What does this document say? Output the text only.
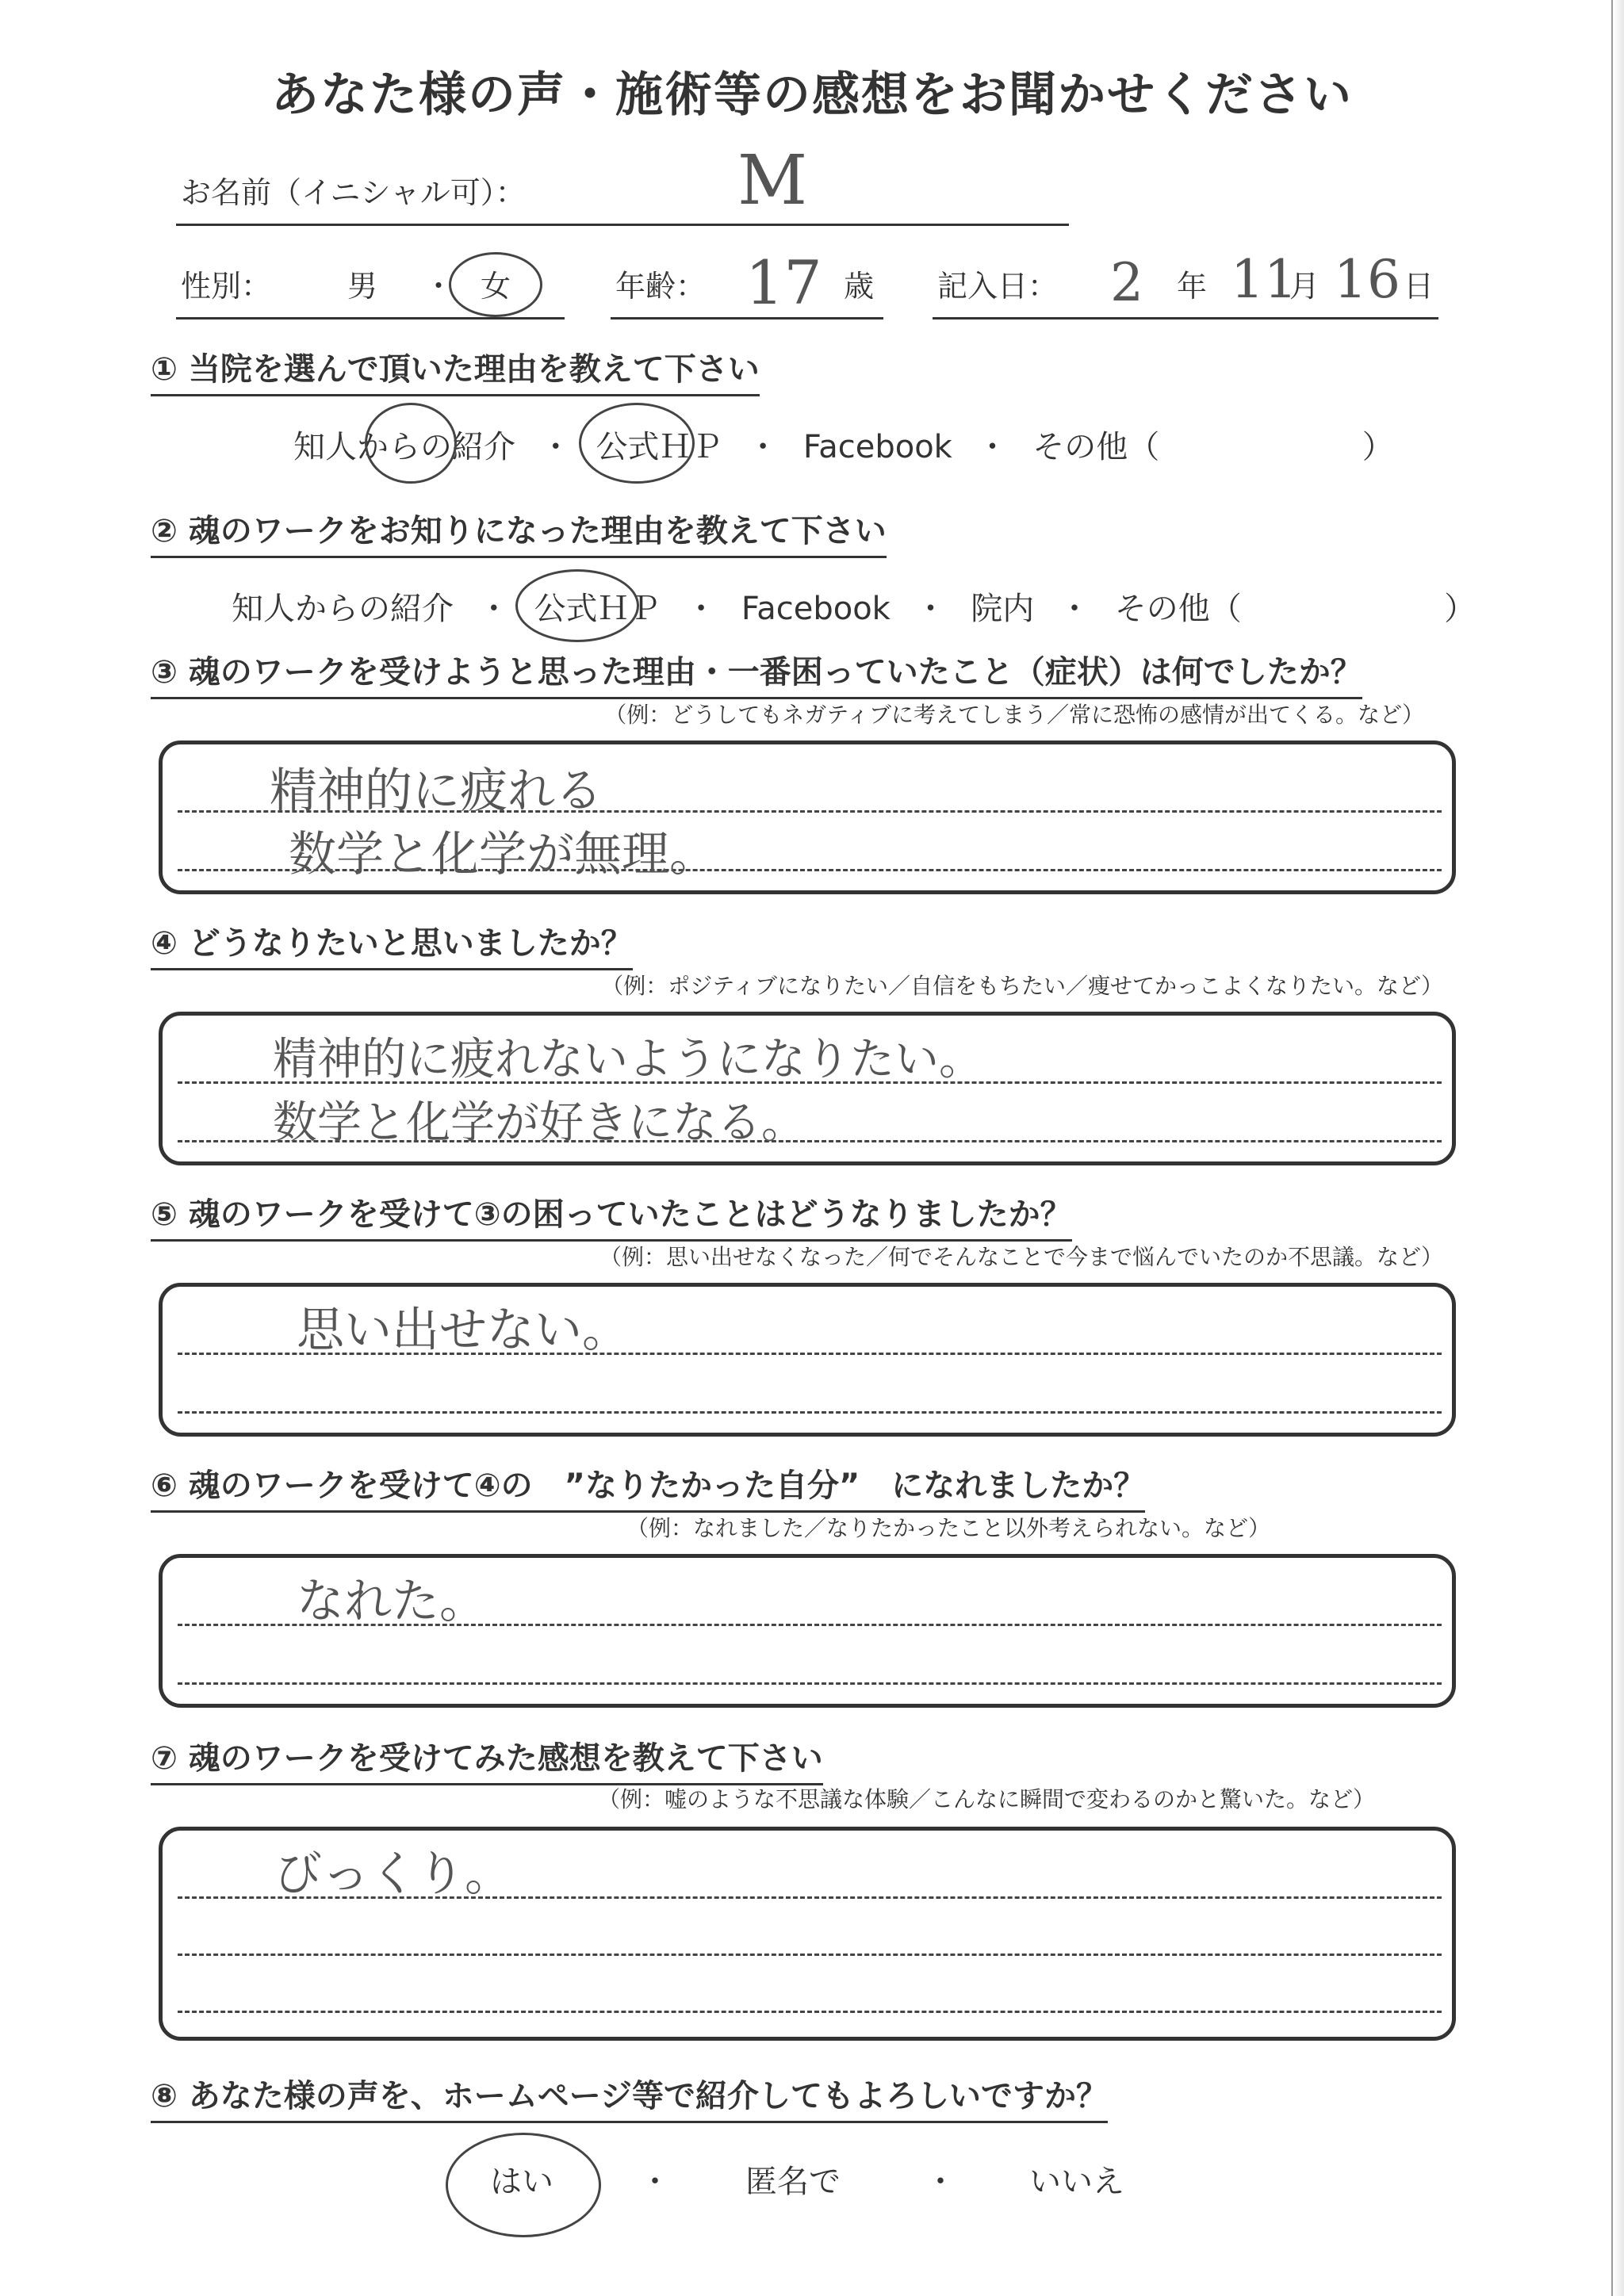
あなた様の声・施術等の感想をお聞かせください
お名前（イニシャル可）：	M
性別：	男 ・ 女	年齢： 17 歳 記入日： 2 年 11
月 16 日
① 当院を選んで頂いた理由を教えて下さい
知人からの紹介 ・ 公式ＨＰ ・ Facebook ・ その他（	）
② 魂のワークをお知りになった理由を教えて下さい
知人からの紹介 ・ 公式ＨＰ ・ Facebook ・ 院内 ・ その他（	）
③ 魂のワークを受けようと思った理由・一番困っていたこと（症状）は何でしたか？
（例：どうしてもネガティブに考えてしまう／常に恐怖の感情が出てくる。など）
精神的に疲れる
数学と化学が無理。
④ どうなりたいと思いましたか？
（例：ポジティブになりたい／自信をもちたい／痩せてかっこよくなりたい。など）
精神的に疲れないようになりたい。
数学と化学が好きになる。
⑤ 魂のワークを受けて③の困っていたことはどうなりましたか？
（例：思い出せなくなった／何でそんなことで今まで悩んでいたのか不思議。など）
思い出せない。
⑥ 魂のワークを受けて④の　”なりたかった自分”　になれましたか？
（例：なれました／なりたかったこと以外考えられない。など）
なれた。
⑦ 魂のワークを受けてみた感想を教えて下さい
（例：嘘のような不思議な体験／こんなに瞬間で変わるのかと驚いた。など）
びっくり。
⑧ あなた様の声を、ホームページ等で紹介してもよろしいですか？
はい	・ 匿名で	・ いいえ
